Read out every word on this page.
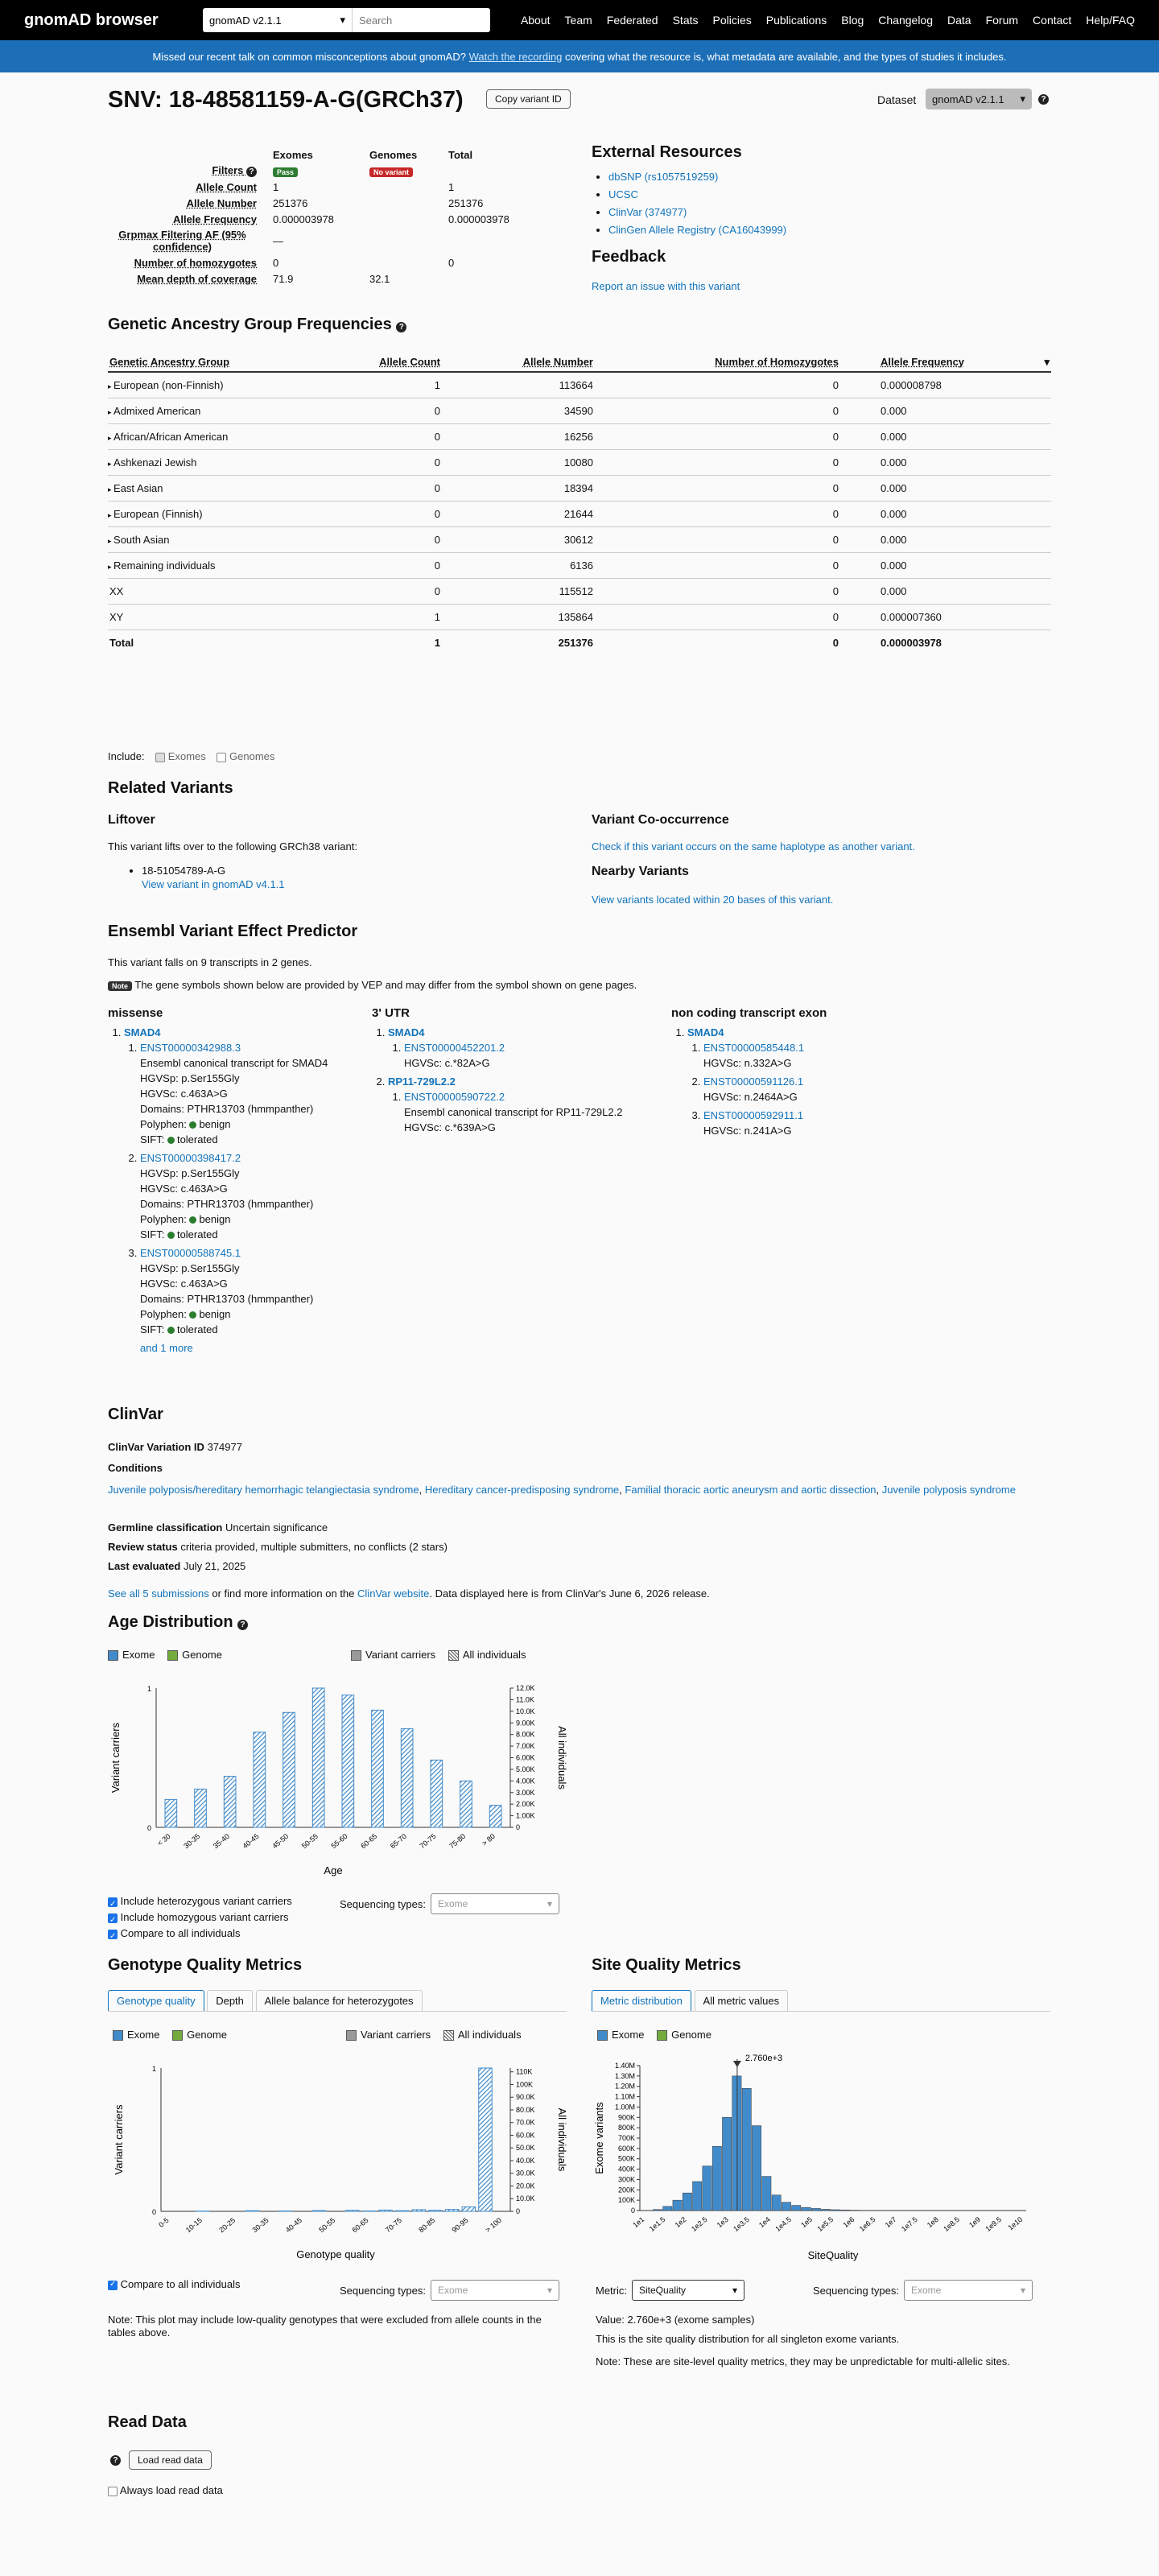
gnomAD browser	gnomAD v2.1.1	▾	Search	About Team Federated Stats Policies Publications Blog Changelog Data Forum Contact Help/FAQ
Missed our recent talk on common misconceptions about gnomAD?
Watch the recording
covering what the resource is, what metadata are available, and the types of studies it includes.
SNV: 18-48581159-A-G(GRCh37)	Copy variant ID	Dataset gnomAD v2.1.1 ▾	?
	Exomes	Genomes	Total
Filters ?	Pass	No variant	
Allele Count	1		1
Allele Number	251376		251376
Allele Frequency	0.000003978		0.000003978
Grpmax Filtering AF (95% confidence)	—		
Number of homozygotes	0		0
Mean depth of coverage	71.9	32.1	
External Resources
• dbSNP (rs1057519259)
• UCSC
• ClinVar (374977)
• ClinGen Allele Registry (CA16043999)
Feedback
Report an issue with this variant
Genetic Ancestry Group Frequencies ?
Genetic Ancestry Group	Allele Count	Allele Number	Number of Homozygotes	Allele Frequency ▾

▸ European (non-Finnish)	1	113664	0	0.000008798
▸ Admixed American	0	34590	0	0.000
▸ African/African American	0	16256	0	0.000
▸ Ashkenazi Jewish	0	10080	0	0.000
▸ East Asian	0	18394	0	0.000
▸ European (Finnish)	0	21644	0	0.000
▸ South Asian	0	30612	0	0.000
▸ Remaining individuals	0	6136	0	0.000
XX	0	115512	0	0.000
XY	1	135864	0	0.000007360
Total	1	251376	0	0.000003978
Include: Exomes Genomes
Related Variants
Liftover
This variant lifts over to the following GRCh38 variant:
• 18-51054789-A-G
View variant in gnomAD v4.1.1
Variant Co-occurrence
Check if this variant occurs on the same haplotype as another variant.
Nearby Variants
View variants located within 20 bases of this variant.
Ensembl Variant Effect Predictor
This variant falls on 9 transcripts in 2 genes.
Note The gene symbols shown below are provided by VEP and may differ from the symbol shown on gene pages.
missense
1. SMAD4
1. ENST00000342988.3
Ensembl canonical transcript for SMAD4
HGVSp: p.Ser155Gly
HGVSc: c.463A>G
Domains: PTHR13703 (hmmpanther)
Polyphen: benign
SIFT: tolerated
2. ENST00000398417.2
HGVSp: p.Ser155Gly
HGVSc: c.463A>G
Domains: PTHR13703 (hmmpanther)
Polyphen: benign
SIFT: tolerated
3. ENST00000588745.1
HGVSp: p.Ser155Gly
HGVSc: c.463A>G
Domains: PTHR13703 (hmmpanther)
Polyphen: benign
SIFT: tolerated
and 1 more
3' UTR
1. SMAD4
1. ENST00000452201.2
HGVSc: c.*82A>G
2. RP11-729L2.2
1. ENST00000590722.2
Ensembl canonical transcript for RP11-729L2.2
HGVSc: c.*639A>G
non coding transcript exon
1. SMAD4
1. ENST00000585448.1
HGVSc: n.332A>G
2. ENST00000591126.1
HGVSc: n.2464A>G
3. ENST00000592911.1
HGVSc: n.241A>G
ClinVar
ClinVar Variation ID 374977
Conditions
Juvenile polyposis/hereditary hemorrhagic telangiectasia syndrome, Hereditary cancer-predisposing syndrome, Familial thoracic aortic aneurysm and aortic dissection, Juvenile polyposis syndrome
Germline classification Uncertain significance
Review status criteria provided, multiple submitters, no conflicts (2 stars)
Last evaluated July 21, 2025
See all 5 submissions or find more information on the ClinVar website. Data displayed here is from ClinVar's June 6, 2026 release.
Age Distribution ?
Exome	Genome	Variant carriers	All individuals
0
1
0
1.00K
2.00K
3.00K
4.00K
5.00K
6.00K
7.00K
8.00K
9.00K
10.0K
11.0K
12.0K
< 30 30-35 35-40 40-45 45-50 50-55 55-60 60-65 65-70 70-75 75-80 > 80
Age
Variant carriers	All individuals
✓ Include heterozygous variant carriers
✓ Include homozygous variant carriers
✓ Compare to all individuals
Sequencing types: Exome	▾
Genotype Quality Metrics
Genotype quality Depth Allele balance for heterozygotes
Exome	Genome	Variant carriers	All individuals
0
1
0
10.0K
20.0K
30.0K
40.0K
50.0K
60.0K
70.0K
80.0K
90.0K
100K
110K
0-5 10-15 20-25 30-35 40-45 50-55 60-65 70-75 80-85 90-95 > 100
Genotype quality
Variant carriers	All individuals
✓ Compare to all individuals	Sequencing types: Exome	▾
Note: This plot may include low-quality genotypes that were excluded from allele counts in the tables above.
Site Quality Metrics
Metric distribution All metric values
Exome	Genome
0
100K
200K
300K
400K
500K
600K
700K
800K
900K
1.00M
1.10M
1.20M
1.30M
1.40M
1e1 1e1.5 1e2 1e2.5 1e3 1e3.5 1e4 1e4.5 1e5 1e5.5 1e6 1e6.5 1e7 1e7.5 1e8 1e8.5 1e9 1e9.5 1e10
2.760e+3
SiteQuality
Exome variants
Metric: SiteQuality	▾	Sequencing types: Exome	▾
Value: 2.760e+3 (exome samples)
This is the site quality distribution for all singleton exome variants.
Note: These are site-level quality metrics, they may be unpredictable for multi-allelic sites.
Read Data
?	Load read data
Always load read data
